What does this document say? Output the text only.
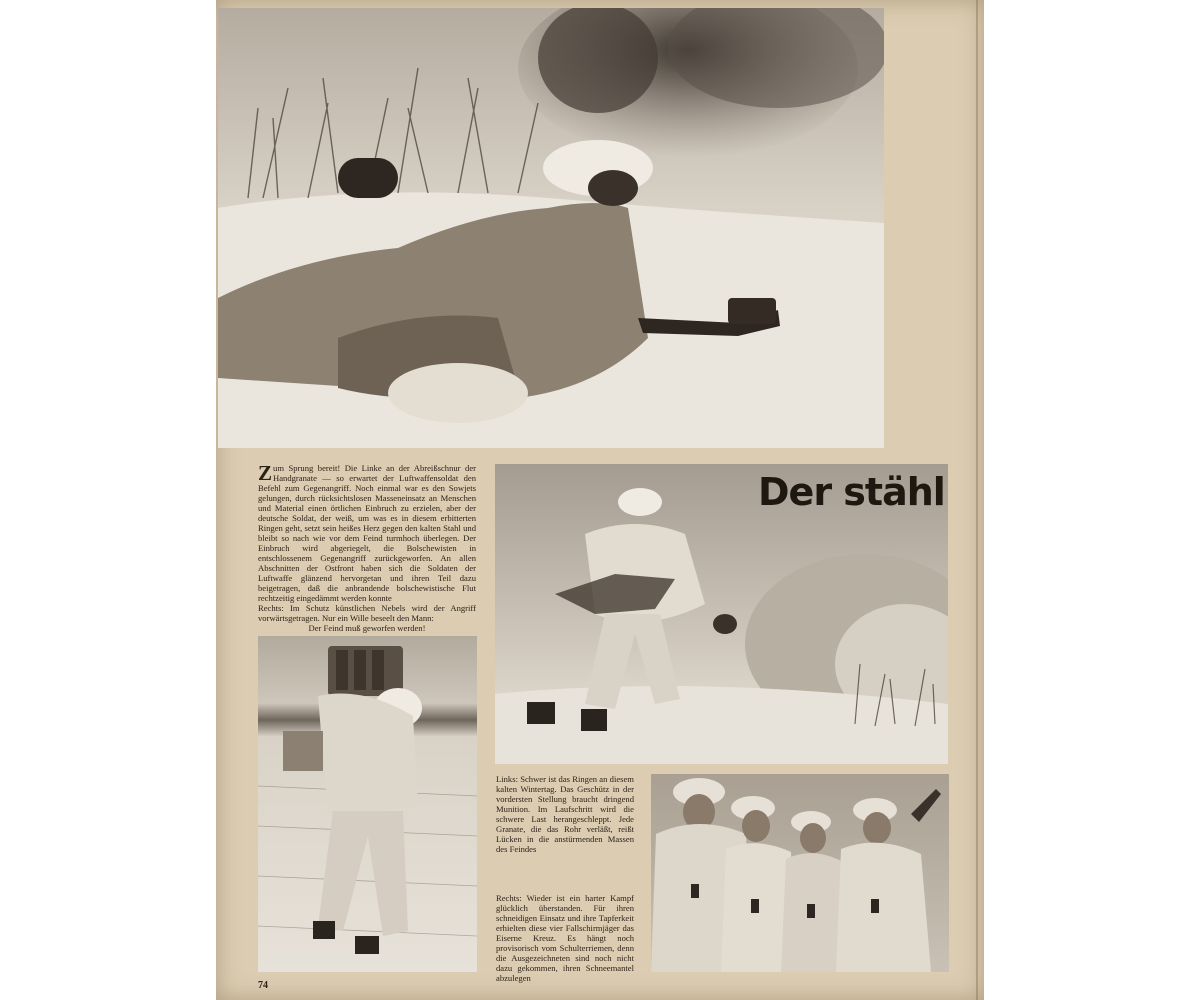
Zum Sprung bereit! Die Linke an der Abreißschnur der Handgranate — so erwartet der Luftwaffensoldat den Befehl zum Gegenangriff. Noch einmal war es den Sowjets gelungen, durch rücksichtslosen Masseneinsatz an Menschen und Material einen örtlichen Einbruch zu erzielen, aber der deutsche Soldat, der weiß, um was es in diesem erbitterten Ringen geht, setzt sein heißes Herz gegen den kalten Stahl und bleibt so nach wie vor dem Feind turmhoch überlegen. Der Einbruch wird abgeriegelt, die Bolschewisten in entschlossenem Gegenangriff zurückgeworfen. An allen Abschnitten der Ostfront haben sich die Soldaten der Luftwaffe glänzend hervorgetan und ihren Teil dazu beigetragen, daß die anbrandende bolschewistische Flut rechtzeitig eingedämmt werden konnte
Rechts: Im Schutz künstlichen Nebels wird der Angriff vorwärtsgetragen. Nur ein Wille beseelt den Mann:
Der Feind muß geworfen werden!

Der stähl

Links: Schwer ist das Ringen an diesem kalten Wintertag. Das Geschütz in der vordersten Stellung braucht dringend Munition. Im Laufschritt wird die schwere Last herangeschleppt. Jede Granate, die das Rohr verläßt, reißt Lücken in die anstürmenden Massen des Feindes

Rechts: Wieder ist ein harter Kampf glücklich überstanden. Für ihren schneidigen Einsatz und ihre Tapferkeit erhielten diese vier Fallschirmjäger das Eiserne Kreuz. Es hängt noch provisorisch vom Schulterriemen, denn die Ausgezeichneten sind noch nicht dazu gekommen, ihren Schneemantel abzulegen

74
